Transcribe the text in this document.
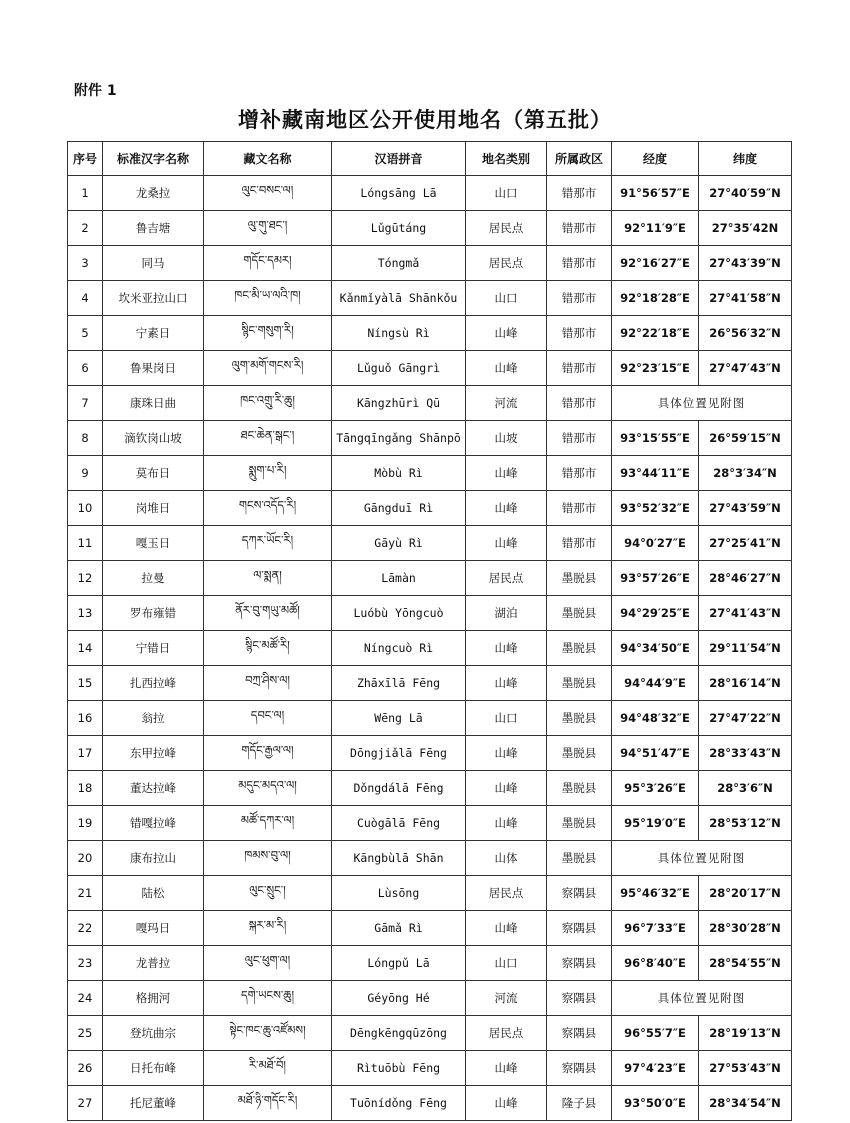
附件 1
增补藏南地区公开使用地名（第五批）
序号	标准汉字名称	藏文名称	汉语拼音	地名类别	所属政区	经度	纬度
1	龙桑拉	ལུང་བསང་ལ།	Lóngsāng Lā	山口	错那市	91°56′57″E	27°40′59″N
2	鲁吉塘	ལུ་གུ་ཐང་།	Lǔgūtáng	居民点	错那市	92°11′9″E	27°35′42N
3	同马	གདོང་དམར།	Tóngmǎ	居民点	错那市	92°16′27″E	27°43′39″N
4	坎米亚拉山口	ཁང་མི་ཡ་ལའི་ཁ།	Kǎnmǐyàlā Shānkǒu	山口	错那市	92°18′28″E	27°41′58″N
5	宁素日	སྙིང་གསུག་རི།	Níngsù Rì	山峰	错那市	92°22′18″E	26°56′32″N
6	鲁果岗日	ལུག་མགོ་གངས་རི།	Lǔguǒ Gāngrì	山峰	错那市	92°23′15″E	27°47′43″N
7	康珠日曲	ཁང་འགྲུ་རི་ཆུ།	Kāngzhūrì Qū	河流	错那市	具体位置见附图	
8	滴钦岗山坡	ཐང་ཆེན་སྒང་།	Tāngqīngǎng Shānpō	山坡	错那市	93°15′55″E	26°59′15″N
9	莫布日	སྨུག་པ་རི།	Mòbù Rì	山峰	错那市	93°44′11″E	28°3′34″N
10	岗堆日	གངས་འདོད་རི།	Gāngduī Rì	山峰	错那市	93°52′32″E	27°43′59″N
11	嘎玉日	དཀར་ཡོང་རི།	Gāyù Rì	山峰	错那市	94°0′27″E	27°25′41″N
12	拉曼	ལ་སྨན།	Lāmàn	居民点	墨脱县	93°57′26″E	28°46′27″N
13	罗布雍错	ནོར་བུ་གཡུ་མཚོ།	Luóbù Yōngcuò	湖泊	墨脱县	94°29′25″E	27°41′43″N
14	宁错日	སྙིང་མཚོ་རི།	Níngcuò Rì	山峰	墨脱县	94°34′50″E	29°11′54″N
15	扎西拉峰	བཀྲ་ཤིས་ལ།	Zhāxīlā Fēng	山峰	墨脱县	94°44′9″E	28°16′14″N
16	翁拉	དབང་ལ།	Wēng Lā	山口	墨脱县	94°48′32″E	27°47′22″N
17	东甲拉峰	གདོང་རྒྱལ་ལ།	Dōngjiǎlā Fēng	山峰	墨脱县	94°51′47″E	28°33′43″N
18	董达拉峰	མདུང་མདའ་ལ།	Dǒngdálā Fēng	山峰	墨脱县	95°3′26″E	28°3′6″N
19	错嘎拉峰	མཚོ་དཀར་ལ།	Cuògālā Fēng	山峰	墨脱县	95°19′0″E	28°53′12″N
20	康布拉山	ཁམས་བུ་ལ།	Kāngbùlā Shān	山体	墨脱县	具体位置见附图	
21	陆松	ལུང་སྲུང་།	Lùsōng	居民点	察隅县	95°46′32″E	28°20′17″N
22	嘎玛日	སྐར་མ་རི།	Gāmǎ Rì	山峰	察隅县	96°7′33″E	28°30′28″N
23	龙普拉	ལུང་ཕུག་ལ།	Lóngpǔ Lā	山口	察隅县	96°8′40″E	28°54′55″N
24	格拥河	དགེ་ཡངས་ཆུ།	Géyōng Hé	河流	察隅县	具体位置见附图	
25	登坑曲宗	སྟེང་ཁང་ཆུ་འཛོམས།	Dēngkēngqūzōng	居民点	察隅县	96°55′7″E	28°19′13″N
26	日托布峰	རི་མཐོ་བོ།	Rìtuōbù Fēng	山峰	察隅县	97°4′23″E	27°53′43″N
27	托尼董峰	མཐོ་ཉི་གདོང་རི།	Tuōnídǒng Fēng	山峰	隆子县	93°50′0″E	28°34′54″N
